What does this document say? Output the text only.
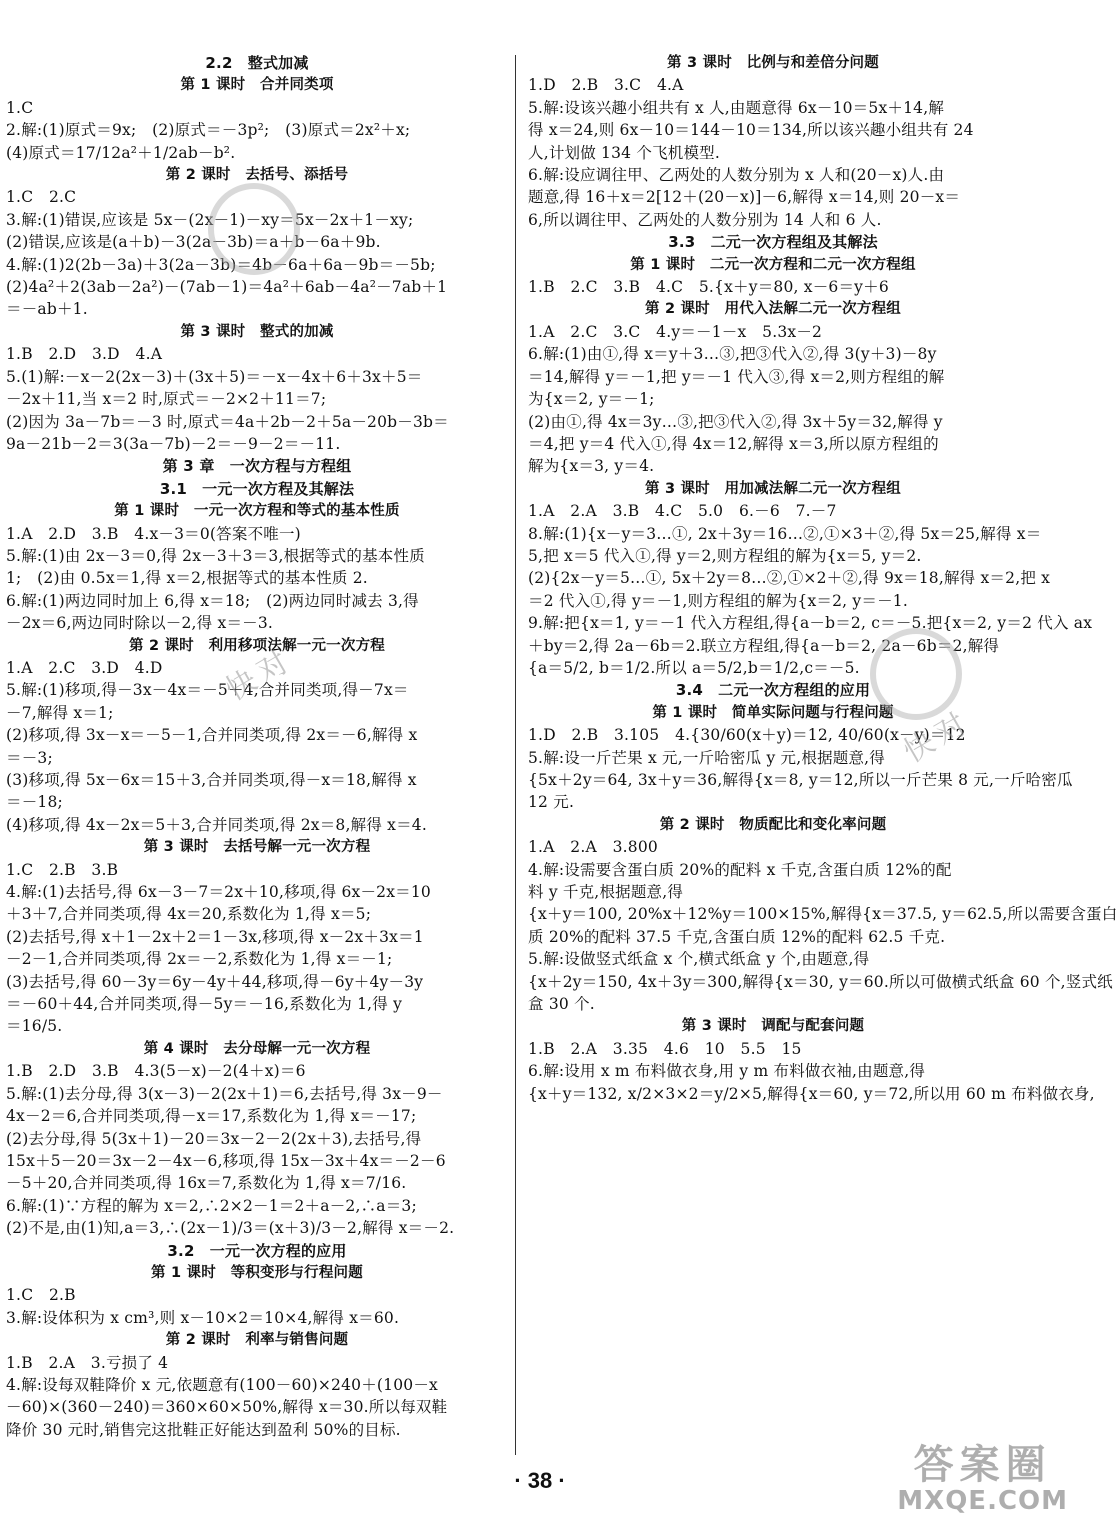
2.2　整式加减
第 1 课时　合并同类项
1.C
2.解:(1)原式＝9x;　(2)原式＝－3p²;　(3)原式＝2x²＋x;
(4)原式＝17/12a²＋1/2ab－b².
第 2 课时　去括号、添括号
1.C　2.C
3.解:(1)错误,应该是 5x－(2x－1)－xy＝5x－2x＋1－xy;
(2)错误,应该是(a＋b)－3(2a－3b)＝a＋b－6a＋9b.
4.解:(1)2(2b－3a)＋3(2a－3b)＝4b－6a＋6a－9b＝－5b;
(2)4a²＋2(3ab－2a²)－(7ab－1)＝4a²＋6ab－4a²－7ab＋1
＝－ab＋1.
第 3 课时　整式的加减
1.B　2.D　3.D　4.A
5.(1)解:－x－2(2x－3)＋(3x＋5)＝－x－4x＋6＋3x＋5＝
－2x＋11,当 x＝2 时,原式＝－2×2＋11＝7;
(2)因为 3a－7b＝－3 时,原式＝4a＋2b－2＋5a－20b－3b＝
9a－21b－2＝3(3a－7b)－2＝－9－2＝－11.
第 3 章　一次方程与方程组
3.1　一元一次方程及其解法
第 1 课时　一元一次方程和等式的基本性质
1.A　2.D　3.B　4.x－3＝0(答案不唯一)
5.解:(1)由 2x－3＝0,得 2x－3＋3＝3,根据等式的基本性质
1;　(2)由 0.5x＝1,得 x＝2,根据等式的基本性质 2.
6.解:(1)两边同时加上 6,得 x＝18;　(2)两边同时减去 3,得
－2x＝6,两边同时除以－2,得 x＝－3.
第 2 课时　利用移项法解一元一次方程
1.A　2.C　3.D　4.D
5.解:(1)移项,得－3x－4x＝－5＋4,合并同类项,得－7x＝
－7,解得 x＝1;
(2)移项,得 3x－x＝－5－1,合并同类项,得 2x＝－6,解得 x
＝－3;
(3)移项,得 5x－6x＝15＋3,合并同类项,得－x＝18,解得 x
＝－18;
(4)移项,得 4x－2x＝5＋3,合并同类项,得 2x＝8,解得 x＝4.
第 3 课时　去括号解一元一次方程
1.C　2.B　3.B
4.解:(1)去括号,得 6x－3－7＝2x＋10,移项,得 6x－2x＝10
＋3＋7,合并同类项,得 4x＝20,系数化为 1,得 x＝5;
(2)去括号,得 x＋1－2x＋2＝1－3x,移项,得 x－2x＋3x＝1
－2－1,合并同类项,得 2x＝－2,系数化为 1,得 x＝－1;
(3)去括号,得 60－3y＝6y－4y＋44,移项,得－6y＋4y－3y
＝－60＋44,合并同类项,得－5y＝－16,系数化为 1,得 y
＝16/5.
第 4 课时　去分母解一元一次方程
1.B　2.D　3.B　4.3(5－x)－2(4＋x)＝6
5.解:(1)去分母,得 3(x－3)－2(2x＋1)＝6,去括号,得 3x－9－
4x－2＝6,合并同类项,得－x＝17,系数化为 1,得 x＝－17;
(2)去分母,得 5(3x＋1)－20＝3x－2－2(2x＋3),去括号,得
15x＋5－20＝3x－2－4x－6,移项,得 15x－3x＋4x＝－2－6
－5＋20,合并同类项,得 16x＝7,系数化为 1,得 x＝7/16.
6.解:(1)∵方程的解为 x＝2,∴2×2－1＝2＋a－2,∴a＝3;
(2)不是,由(1)知,a＝3,∴(2x－1)/3＝(x＋3)/3－2,解得 x＝－2.
3.2　一元一次方程的应用
第 1 课时　等积变形与行程问题
1.C　2.B
3.解:设体积为 x cm³,则 x－10×2＝10×4,解得 x＝60.
第 2 课时　利率与销售问题
1.B　2.A　3.亏损了 4
4.解:设每双鞋降价 x 元,依题意有(100－60)×240＋(100－x
－60)×(360－240)＝360×60×50%,解得 x＝30.所以每双鞋
降价 30 元时,销售完这批鞋正好能达到盈利 50%的目标.
第 3 课时　比例与和差倍分问题
1.D　2.B　3.C　4.A
5.解:设该兴趣小组共有 x 人,由题意得 6x－10＝5x＋14,解
得 x＝24,则 6x－10＝144－10＝134,所以该兴趣小组共有 24
人,计划做 134 个飞机模型.
6.解:设应调往甲、乙两处的人数分别为 x 人和(20－x)人.由
题意,得 16＋x＝2[12＋(20－x)]－6,解得 x＝14,则 20－x＝
6,所以调往甲、乙两处的人数分别为 14 人和 6 人.
3.3　二元一次方程组及其解法
第 1 课时　二元一次方程和二元一次方程组
1.B　2.C　3.B　4.C　5.{x＋y＝80, x－6＝y＋6
第 2 课时　用代入法解二元一次方程组
1.A　2.C　3.C　4.y＝－1－x　5.3x－2
6.解:(1)由①,得 x＝y＋3…③,把③代入②,得 3(y＋3)－8y
＝14,解得 y＝－1,把 y＝－1 代入③,得 x＝2,则方程组的解
为{x＝2, y＝－1;
(2)由①,得 4x＝3y…③,把③代入②,得 3x＋5y＝32,解得 y
＝4,把 y＝4 代入①,得 4x＝12,解得 x＝3,所以原方程组的
解为{x＝3, y＝4.
第 3 课时　用加减法解二元一次方程组
1.A　2.A　3.B　4.C　5.0　6.－6　7.－7
8.解:(1){x－y＝3…①, 2x＋3y＝16…②,①×3＋②,得 5x＝25,解得 x＝
5,把 x＝5 代入①,得 y＝2,则方程组的解为{x＝5, y＝2.
(2){2x－y＝5…①, 5x＋2y＝8…②,①×2＋②,得 9x＝18,解得 x＝2,把 x
＝2 代入①,得 y＝－1,则方程组的解为{x＝2, y＝－1.
9.解:把{x＝1, y＝－1 代入方程组,得{a－b＝2, c＝－5.把{x＝2, y＝2 代入 ax
＋by＝2,得 2a－6b＝2.联立方程组,得{a－b＝2, 2a－6b＝2,解得
{a＝5/2, b＝1/2.所以 a＝5/2,b＝1/2,c＝－5.
3.4　二元一次方程组的应用
第 1 课时　简单实际问题与行程问题
1.D　2.B　3.105　4.{30/60(x＋y)＝12, 40/60(x－y)＝12
5.解:设一斤芒果 x 元,一斤哈密瓜 y 元,根据题意,得
{5x＋2y＝64, 3x＋y＝36,解得{x＝8, y＝12,所以一斤芒果 8 元,一斤哈密瓜
12 元.
第 2 课时　物质配比和变化率问题
1.A　2.A　3.800
4.解:设需要含蛋白质 20%的配料 x 千克,含蛋白质 12%的配
料 y 千克,根据题意,得
{x＋y＝100, 20%x＋12%y＝100×15%,解得{x＝37.5, y＝62.5,所以需要含蛋白
质 20%的配料 37.5 千克,含蛋白质 12%的配料 62.5 千克.
5.解:设做竖式纸盒 x 个,横式纸盒 y 个,由题意,得
{x＋2y＝150, 4x＋3y＝300,解得{x＝30, y＝60.所以可做横式纸盒 60 个,竖式纸
盒 30 个.
第 3 课时　调配与配套问题
1.B　2.A　3.35　4.6　10　5.5　15
6.解:设用 x m 布料做衣身,用 y m 布料做衣袖,由题意,得
{x＋y＝132, x/2×3×2＝y/2×5,解得{x＝60, y＝72,所以用 60 m 布料做衣身,
快对
快对
· 38 ·	答案圈
MXQE.COM
